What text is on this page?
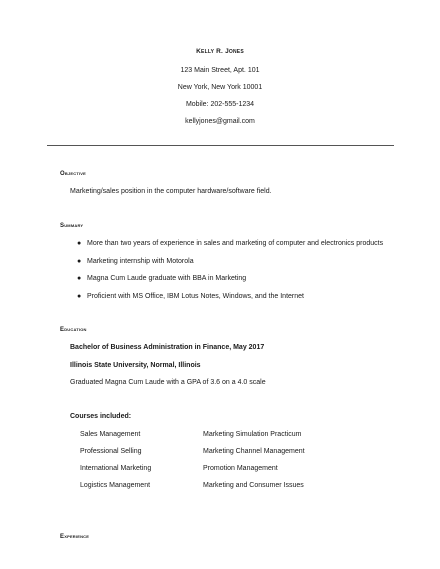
Kelly R. Jones
123 Main Street, Apt. 101
New York, New York 10001
Mobile: 202-555-1234
kellyjones@gmail.com
Objective
Marketing/sales position in the computer hardware/software field.
Summary
● More than two years of experience in sales and marketing of computer and electronics products
● Marketing internship with Motorola
● Magna Cum Laude graduate with BBA in Marketing
● Proficient with MS Office, IBM Lotus Notes, Windows, and the Internet
Education
Bachelor of Business Administration in Finance, May 2017
Illinois State University, Normal, Illinois
Graduated Magna Cum Laude with a GPA of 3.6 on a 4.0 scale
Courses included:
Sales Management
Professional Selling
International Marketing
Logistics Management
Marketing Simulation Practicum
Marketing Channel Management
Promotion Management
Marketing and Consumer Issues
Experience
